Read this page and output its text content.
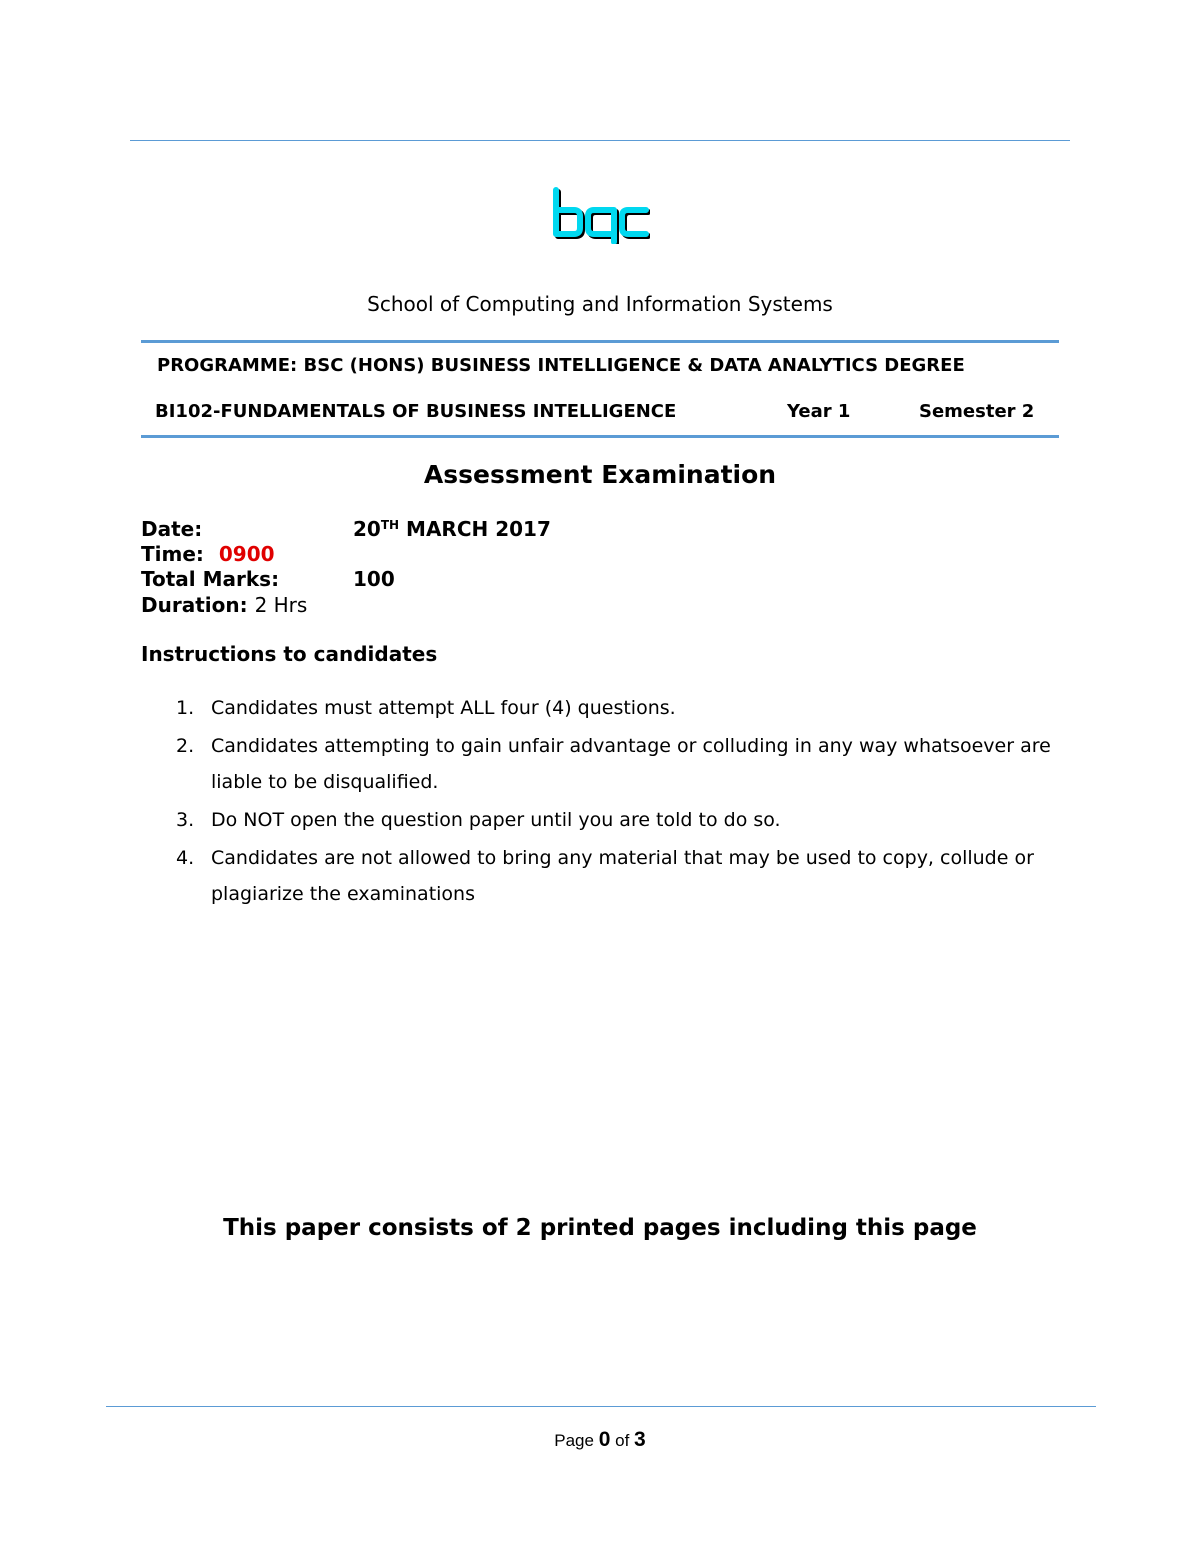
School of Computing and Information Systems
PROGRAMME: BSC (HONS) BUSINESS INTELLIGENCE & DATA ANALYTICS DEGREE
BI102-FUNDAMENTALS OF BUSINESS INTELLIGENCE	Year 1	Semester 2
Assessment Examination
Date:	20TH MARCH 2017
Time: 0900
Total Marks:	100
Duration: 2 Hrs
Instructions to candidates
1. Candidates must attempt ALL four (4) questions.
2. Candidates attempting to gain unfair advantage or colluding in any way whatsoever are liable to be disqualified.
3. Do NOT open the question paper until you are told to do so.
4. Candidates are not allowed to bring any material that may be used to copy, collude or plagiarize the examinations
This paper consists of 2 printed pages including this page
Page 0 of 3
